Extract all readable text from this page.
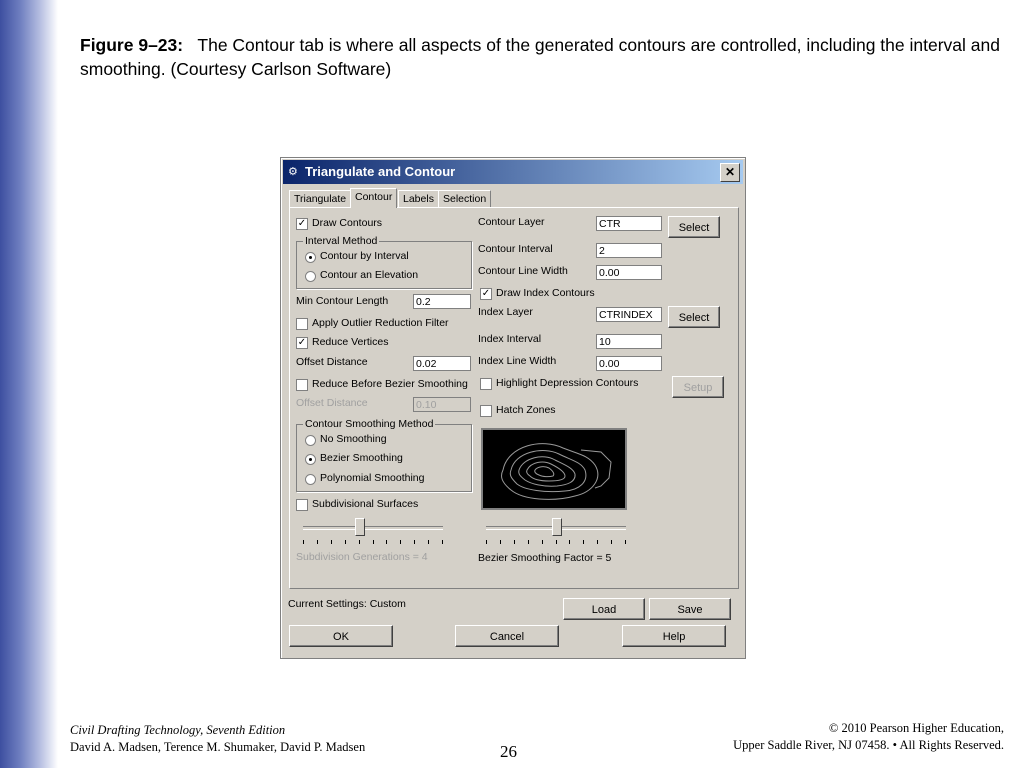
Figure 9–23: The Contour tab is where all aspects of the generated contours are controlled, including the interval and smoothing. (Courtesy Carlson Software)
⚙ Triangulate and Contour	✕
Triangulate Contour	Labels Selection
✓ Draw Contours
Interval Method
Contour by Interval
Contour an Elevation
Min Contour Length	0.2
Apply Outlier Reduction Filter
✓ Reduce Vertices
Offset Distance	0.02
Reduce Before Bezier Smoothing
Offset Distance	0.10
Contour Smoothing Method
No Smoothing
Bezier Smoothing
Polynomial Smoothing
Subdivisional Surfaces
Subdivision Generations = 4
Contour Layer	CTR	Select
Contour Interval	2
Contour Line Width	0.00
✓ Draw Index Contours
Index Layer	CTRINDEX	Select
Index Interval	10
Index Line Width	0.00
Highlight Depression Contours	Setup
Hatch Zones
Bezier Smoothing Factor = 5
Current Settings: Custom	Load	Save
OK	Cancel	Help
Civil Drafting Technology, Seventh Edition
David A. Madsen, Terence M. Shumaker, David P. Madsen	26
© 2010 Pearson Higher Education,
Upper Saddle River, NJ 07458. • All Rights Reserved.
